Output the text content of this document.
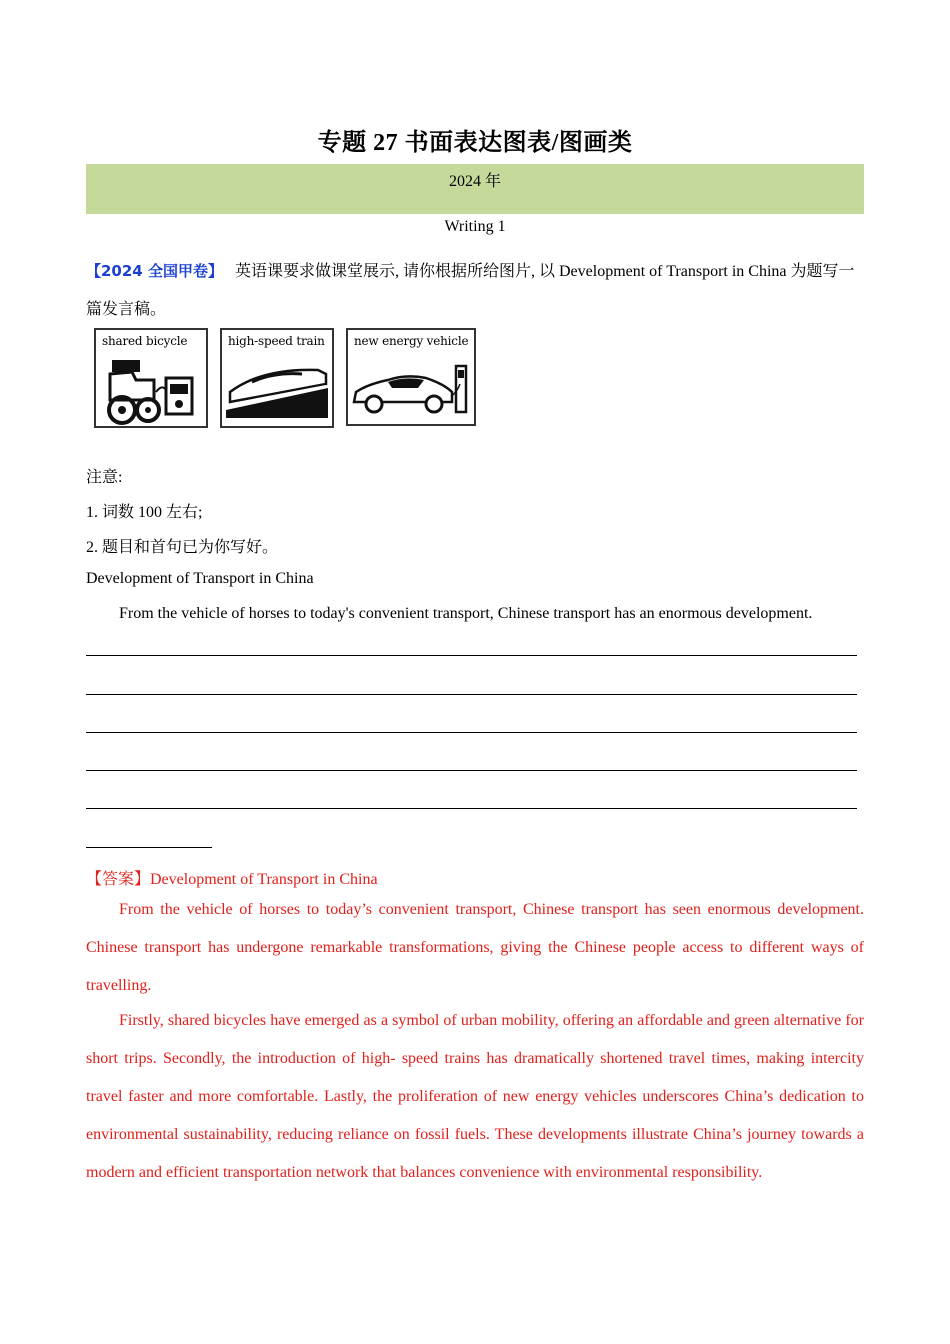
专题 27 书面表达图表/图画类
2024 年
Writing 1
【2024 全国甲卷】 英语课要求做课堂展示, 请你根据所给图片, 以 Development of Transport in China 为题写一篇发言稿。
shared bicycle	high-speed train new energy vehicle
注意:
1. 词数 100 左右;
2. 题目和首句已为你写好。
Development of Transport in China
From the vehicle of horses to today's convenient transport, Chinese transport has an enormous development.
【答案】Development of Transport in China
From the vehicle of horses to today’s convenient transport, Chinese transport has seen enormous development. Chinese transport has undergone remarkable transformations, giving the Chinese people access to different ways of travelling.
Firstly, shared bicycles have emerged as a symbol of urban mobility, offering an affordable and green alternative for short trips. Secondly, the introduction of high- speed trains has dramatically shortened travel times, making intercity travel faster and more comfortable. Lastly, the proliferation of new energy vehicles underscores China’s dedication to environmental sustainability, reducing reliance on fossil fuels. These developments illustrate China’s journey towards a modern and efficient transportation network that balances convenience with environmental responsibility.
